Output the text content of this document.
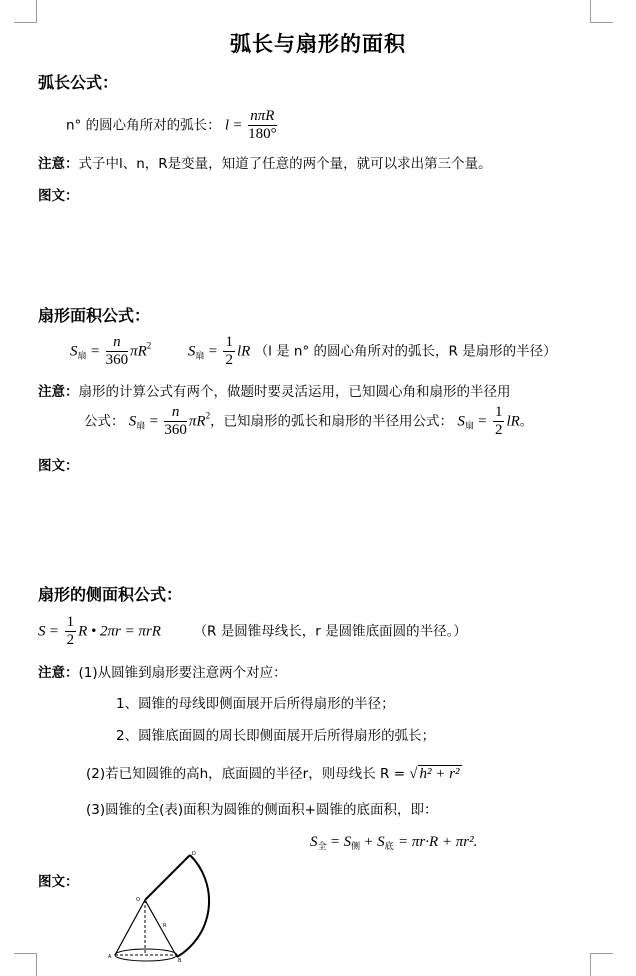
弧长与扇形的面积
弧长公式：
n° 的圆心角所对的弧长： $l = \frac{\text{nπR}}{180^\circ}$
注意：式子中l、n，R是变量，知道了任意的两个量，就可以求出第三个量。
图文：
扇形面积公式：
$S_扇 = \frac{n}{360} \pi R^2$ $S_扇 = \frac{1}{2}$ lR （l 是 n° 的圆心角所对的弧长，R 是扇形的半径）
注意：扇形的计算公式有两个，做题时要灵活运用，已知圆心角和扇形的半径用
公式： $S_扇 = \frac{n}{360} \pi R^2$，已知扇形的弧长和扇形的半径用公式： $S_扇 = \frac{1}{2}$ lR。
图文：
扇形的侧面积公式：
$S = \frac{1}{2}$ R • 2πr = πrR （R 是圆锥母线长，r 是圆锥底面圆的半径。）
注意：(1)从圆锥到扇形要注意两个对应：
1、圆锥的母线即侧面展开后所得扇形的半径；
2、圆锥底面圆的周长即侧面展开后所得扇形的弧长；
(2)若已知圆锥的高h，底面圆的半径r，则母线长 R = √ h² + r²
(3)圆锥的全(表)面积为圆锥的侧面积+圆锥的底面积，即：
$S_全 = S_侧 + S_底 = \pi r\cdot R + \pi r^2$.
图文：
D
O
A
B
R
